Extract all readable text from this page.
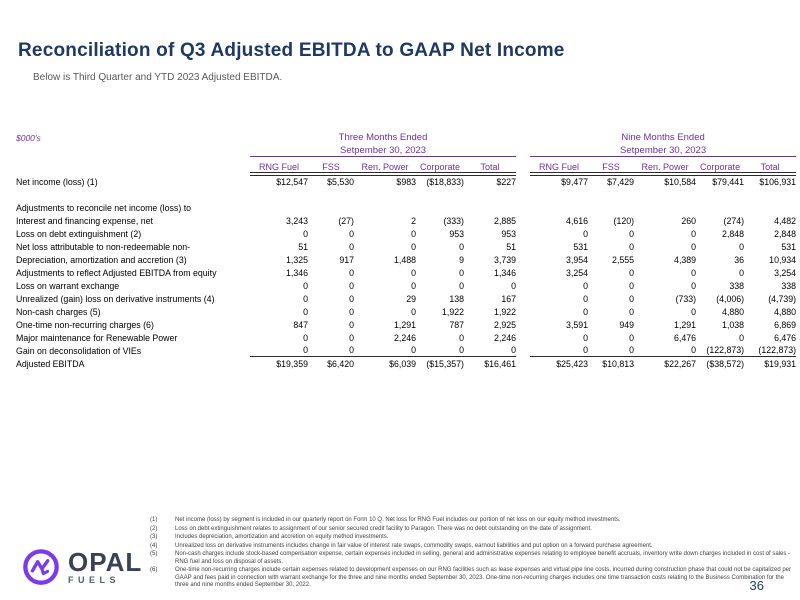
Reconciliation of Q3 Adjusted EBITDA to GAAP Net Income
Below is Third Quarter and YTD 2023 Adjusted EBITDA.
$000's
		Three Months Ended						Nine Months Ended				
	Setpember 30, 2023						Setpember 30, 2023				
	RNG Fuel	FSS	Ren. Power	Corporate	Total		RNG Fuel	FSS	Ren. Power	Corporate	Total

Net income (loss) (1)	$12,547	$5,530	$983	($18,833)	$227		$9,477	$7,429	$10,584	$79,441	$106,931

Adjustments to reconcile net income (loss) to											
Interest and financing expense, net	3,243	(27)	2	(333)	2,885		4,616	(120)	260	(274)	4,482
Loss on debt extinguishment (2)	0	0	0	953	953		0	0	0	2,848	2,848
Net loss attributable to non-redeemable non-	51	0	0	0	51		531	0	0	0	531
Depreciation, amortization and accretion (3)	1,325	917	1,488	9	3,739		3,954	2,555	4,389	36	10,934
Adjustments to reflect Adjusted EBITDA from equity	1,346	0	0	0	1,346		3,254	0	0	0	3,254
Loss on warrant exchange	0	0	0	0	0		0	0	0	338	338
Unrealized (gain) loss on derivative instruments (4)	0	0	29	138	167		0	0	(733)	(4,006)	(4,739)
Non-cash charges (5)	0	0	0	1,922	1,922		0	0	0	4,880	4,880
One-time non-recurring charges (6)	847	0	1,291	787	2,925		3,591	949	1,291	1,038	6,869
Major maintenance for Renewable Power	0	0	2,246	0	2,246		0	0	6,476	0	6,476
Gain on deconsolidation of VIEs	0	0	0	0	0		0	0	0	(122,873)	(122,873)
Adjusted EBITDA	$19,359	$6,420	$6,039	($15,357)	$16,461		$25,423	$10,813	$22,267	($38,572)	$19,931
(1)	Net income (loss) by segment is included in our quarterly report on Form 10 Q. Net loss for RNG Fuel includes our portion of net loss on our equity method investments.
(2)	Loss on debt extinguishment relates to assignment of our senior secured credit facility to Paragon. There was no debt outstanding on the date of assignment.
(3)	Includes depreciation, amortization and accretion on equity method investments.
(4)	Unrealized loss on derivative instruments includes change in fair value of interest rate swaps, commodity swaps, earnout liabilities and put option on a forward purchase agreement.
(5)	Non-cash charges include stock-based compensation expense, certain expenses included in selling, general and administrative expenses relating to employee benefit accruals, inventory write down charges included in cost of sales - RNG fuel and loss on disposal of assets.
(6)	One-time non-recurring charges include certain expenses related to development expenses on our RNG facilities such as lease expenses and virtual pipe line costs, incurred during construction phase that could not be capitalized per GAAP and fees paid in connection with warrant exchange for the three and nine months ended September 30, 2023. One-time non-recurring charges includes one time transaction costs relating to the Business Combination for the three and nine months ended September 30, 2022.
OPAL
FUELS	36
